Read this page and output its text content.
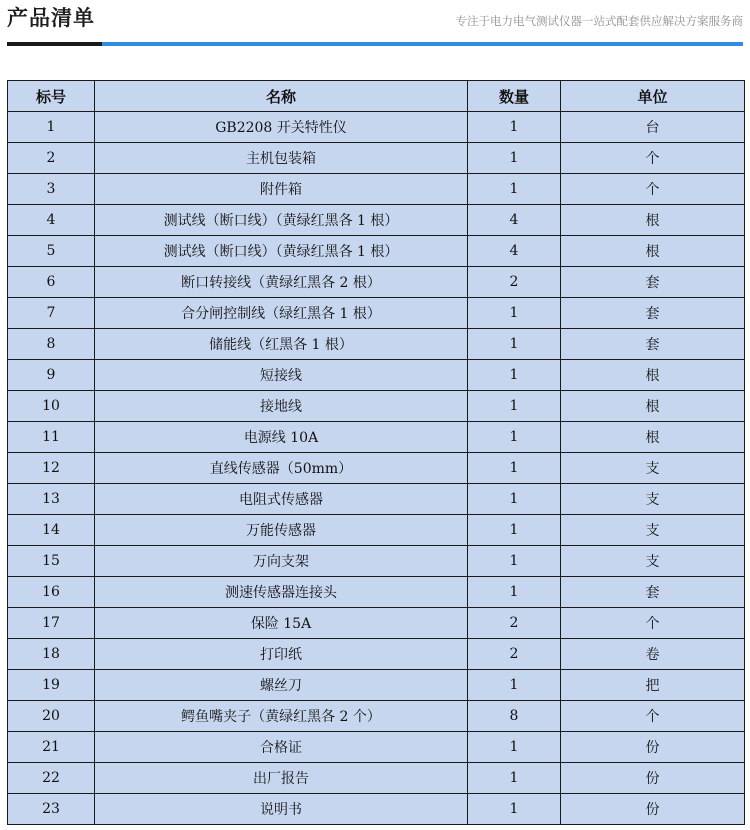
产品清单	专注于电力电气测试仪器一站式配套供应解决方案服务商
标号	名称	数量	单位
1	GB2208 开关特性仪	1	台
2	主机包装箱	1	个
3	附件箱	1	个
4	测试线（断口线）（黄绿红黑各 1 根）	4	根
5	测试线（断口线）（黄绿红黑各 1 根）	4	根
6	断口转接线（黄绿红黑各 2 根）	2	套
7	合分闸控制线（绿红黑各 1 根）	1	套
8	储能线（红黑各 1 根）	1	套
9	短接线	1	根
10	接地线	1	根
11	电源线 10A	1	根
12	直线传感器（50mm）	1	支
13	电阻式传感器	1	支
14	万能传感器	1	支
15	万向支架	1	支
16	测速传感器连接头	1	套
17	保险 15A	2	个
18	打印纸	2	卷
19	螺丝刀	1	把
20	鳄鱼嘴夹子（黄绿红黑各 2 个）	8	个
21	合格证	1	份
22	出厂报告	1	份
23	说明书	1	份
